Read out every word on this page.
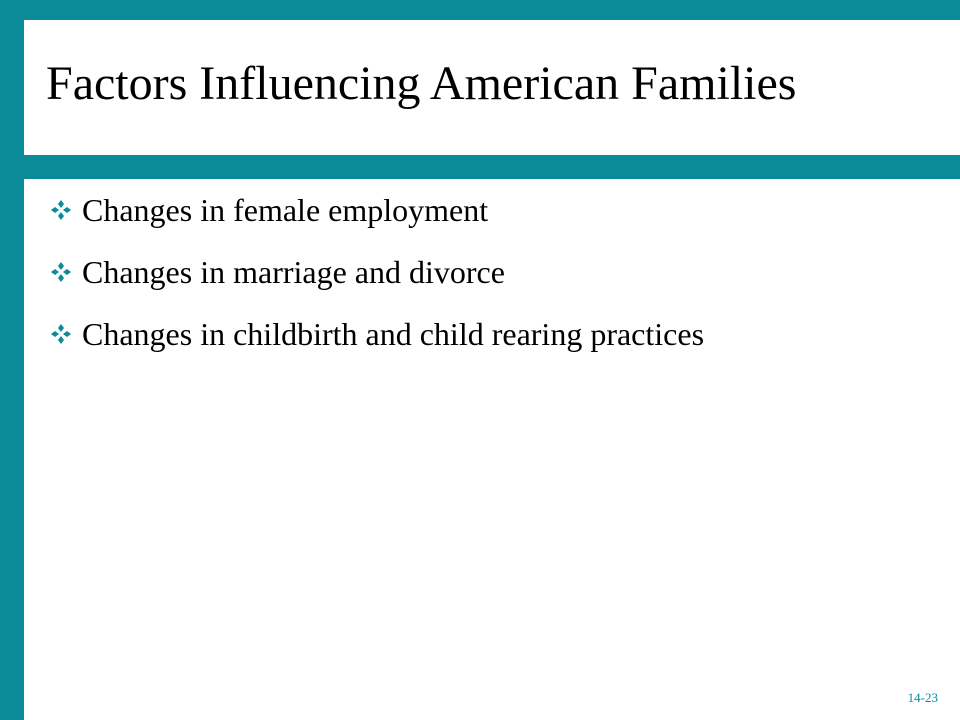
Factors Influencing American Families
Changes in female employment
Changes in marriage and divorce
Changes in childbirth and child rearing practices
14-23
